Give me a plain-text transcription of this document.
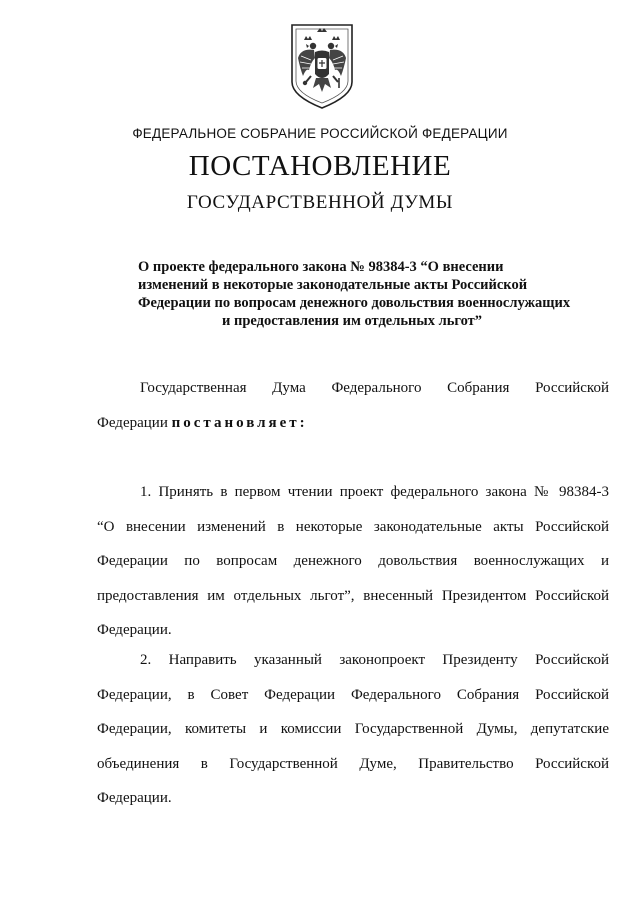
ФЕДЕРАЛЬНОЕ СОБРАНИЕ РОССИЙСКОЙ ФЕДЕРАЦИИ
ПОСТАНОВЛЕНИЕ
ГОСУДАРСТВЕННОЙ ДУМЫ
О проекте федерального закона № 98384-3 “О внесении
изменений в некоторые законодательные акты Российской
Федерации по вопросам денежного довольствия военнослужащих
и предоставления им отдельных льгот”
Государственная Дума Федерального Собрания Российской
Федерации постановляет:
1. Принять в первом чтении проект федерального закона № 98384-3
“О внесении изменений в некоторые законодательные акты Российской
Федерации по вопросам денежного довольствия военнослужащих и
предоставления им отдельных льгот”, внесенный Президентом Российской
Федерации.
2. Направить указанный законопроект Президенту Российской
Федерации, в Совет Федерации Федерального Собрания Российской
Федерации, комитеты и комиссии Государственной Думы, депутатские
объединения в Государственной Думе, Правительство Российской
Федерации.
